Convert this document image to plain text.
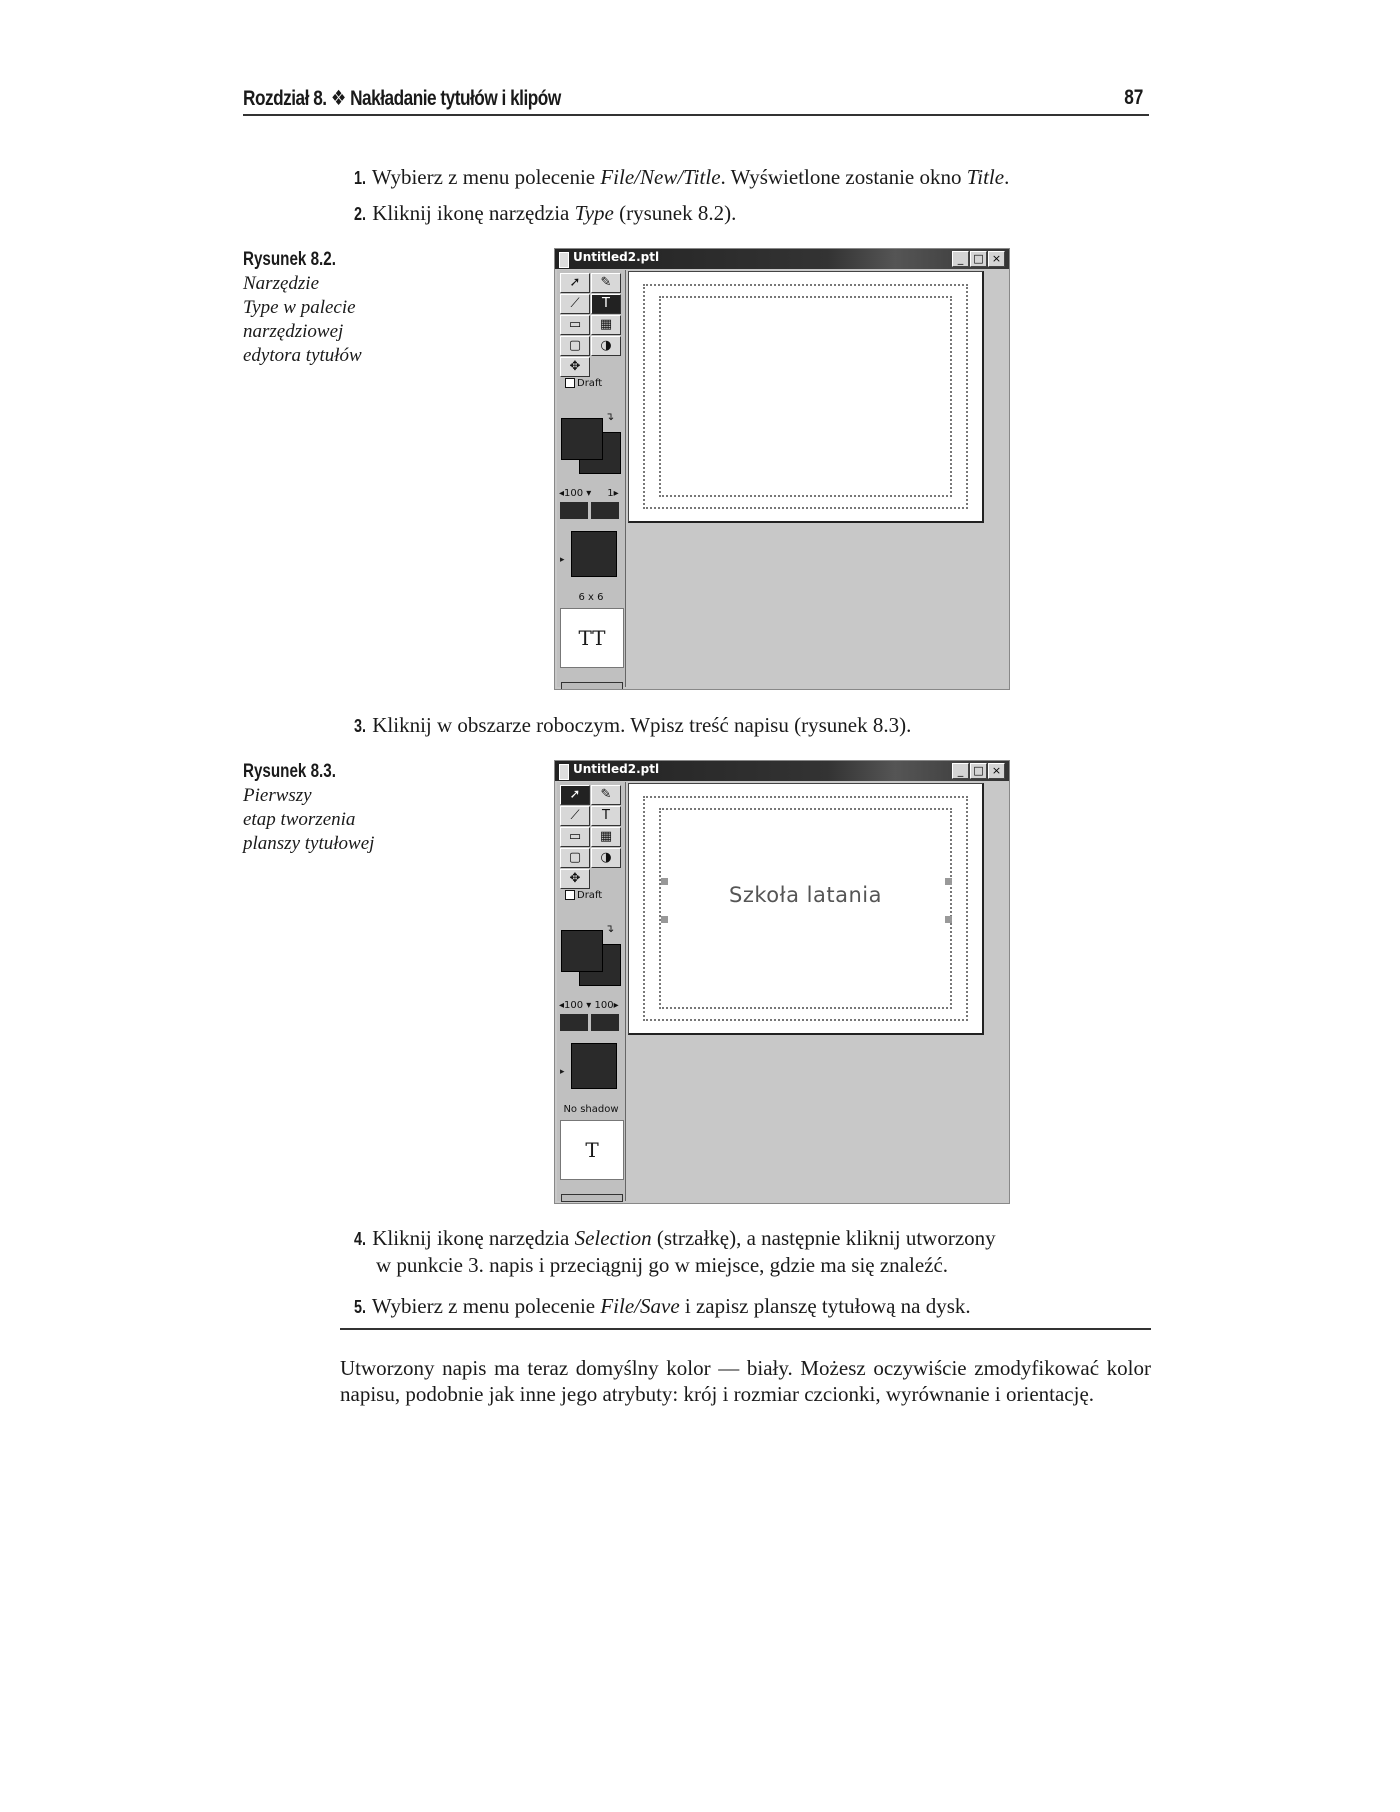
Rozdział 8. ❖ Nakładanie tytułów i klipów	87
1. Wybierz z menu polecenie File/New/Title. Wyświetlone zostanie okno Title.
2. Kliknij ikonę narzędzia Type (rysunek 8.2).
Rysunek 8.2.
Narzędzie
Type w palecie
narzędziowej
edytora tytułów
Untitled2.ptl	_ □ ×
➚	✎
⟋	T
▭	▦
▢	◑
✥
Draft
↴
◂100 ▾     1▸
▸
6 x 6
TT
3. Kliknij w obszarze roboczym. Wpisz treść napisu (rysunek 8.3).
Rysunek 8.3.
Pierwszy
etap tworzenia
planszy tytułowej
Untitled2.ptl	_ □ ×
➚	✎
⟋	T
▭	▦
▢	◑
✥
Draft
↴
◂100 ▾ 100▸
▸
No shadow
T
Szkoła latania
4. Kliknij ikonę narzędzia Selection (strzałkę), a następnie kliknij utworzony
w punkcie 3. napis i przeciągnij go w miejsce, gdzie ma się znaleźć.
5. Wybierz z menu polecenie File/Save i zapisz planszę tytułową na dysk.
Utworzony napis ma teraz domyślny kolor — biały. Możesz oczywiście zmodyfikować kolor napisu, podobnie jak inne jego atrybuty: krój i rozmiar czcionki, wyrównanie i orientację.
